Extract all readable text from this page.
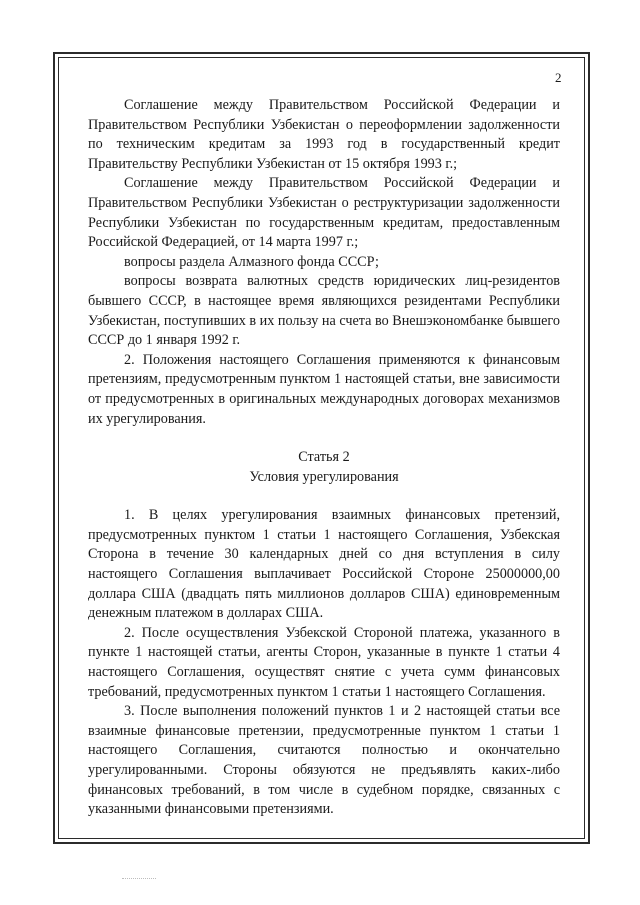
2

Соглашение между Правительством Российской Федерации и Правительством Республики Узбекистан о переоформлении задолженности по техническим кредитам за 1993 год в государственный кредит Правительству Республики Узбекистан от 15 октября 1993 г.;

Соглашение между Правительством Российской Федерации и Правительством Республики Узбекистан о реструктуризации задолженности Республики Узбекистан по государственным кредитам, предоставленным Российской Федерацией, от 14 марта 1997 г.;

вопросы раздела Алмазного фонда СССР;

вопросы возврата валютных средств юридических лиц-резидентов бывшего СССР, в настоящее время являющихся резидентами Республики Узбекистан, поступивших в их пользу на счета во Внешэкономбанке бывшего СССР до 1 января 1992 г.

2. Положения настоящего Соглашения применяются к финансовым претензиям, предусмотренным пунктом 1 настоящей статьи, вне зависимости от предусмотренных в оригинальных международных договорах механизмов их урегулирования.

Статья 2

Условия урегулирования

1. В целях урегулирования взаимных финансовых претензий, предусмотренных пунктом 1 статьи 1 настоящего Соглашения, Узбекская Сторона в течение 30 календарных дней со дня вступления в силу настоящего Соглашения выплачивает Российской Стороне 25000000,00 доллара США (двадцать пять миллионов долларов США) единовременным денежным платежом в долларах США.

2. После осуществления Узбекской Стороной платежа, указанного в пункте 1 настоящей статьи, агенты Сторон, указанные в пункте 1 статьи 4 настоящего Соглашения, осуществят снятие с учета сумм финансовых требований, предусмотренных пунктом 1 статьи 1 настоящего Соглашения.

3. После выполнения положений пунктов 1 и 2 настоящей статьи все взаимные финансовые претензии, предусмотренные пунктом 1 статьи 1 настоящего Соглашения, считаются полностью и окончательно урегулированными. Стороны обязуются не предъявлять каких-либо финансовых требований, в том числе в судебном порядке, связанных с указанными финансовыми претензиями.
